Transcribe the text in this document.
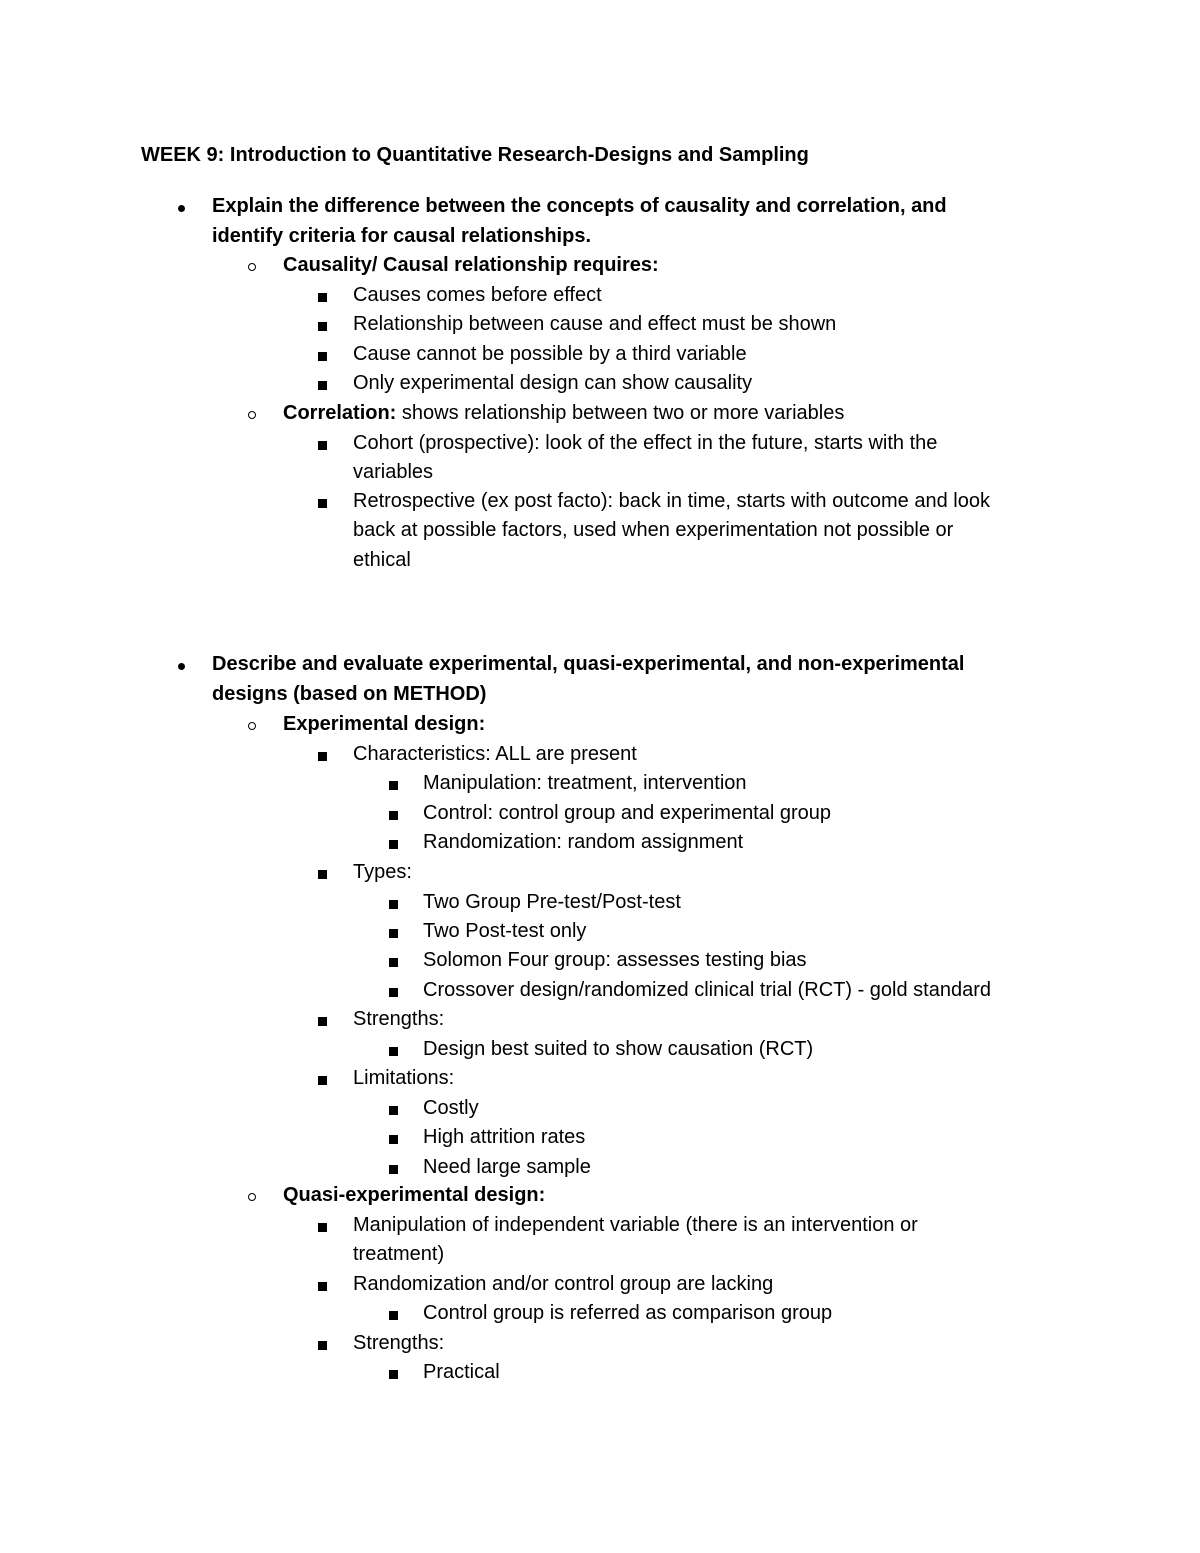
WEEK 9: Introduction to Quantitative Research-Designs and Sampling
Explain the difference between the concepts of causality and correlation, and
identify criteria for causal relationships.
Causality/ Causal relationship requires:
Causes comes before effect
Relationship between cause and effect must be shown
Cause cannot be possible by a third variable
Only experimental design can show causality
Correlation: shows relationship between two or more variables
Cohort (prospective): look of the effect in the future, starts with the
variables
Retrospective (ex post facto): back in time, starts with outcome and look
back at possible factors, used when experimentation not possible or
ethical
Describe and evaluate experimental, quasi-experimental, and non-experimental
designs (based on METHOD)
Experimental design:
Characteristics: ALL are present
Manipulation: treatment, intervention
Control: control group and experimental group
Randomization: random assignment
Types:
Two Group Pre-test/Post-test
Two Post-test only
Solomon Four group: assesses testing bias
Crossover design/randomized clinical trial (RCT) - gold standard
Strengths:
Design best suited to show causation (RCT)
Limitations:
Costly
High attrition rates
Need large sample
Quasi-experimental design:
Manipulation of independent variable (there is an intervention or
treatment)
Randomization and/or control group are lacking
Control group is referred as comparison group
Strengths:
Practical
